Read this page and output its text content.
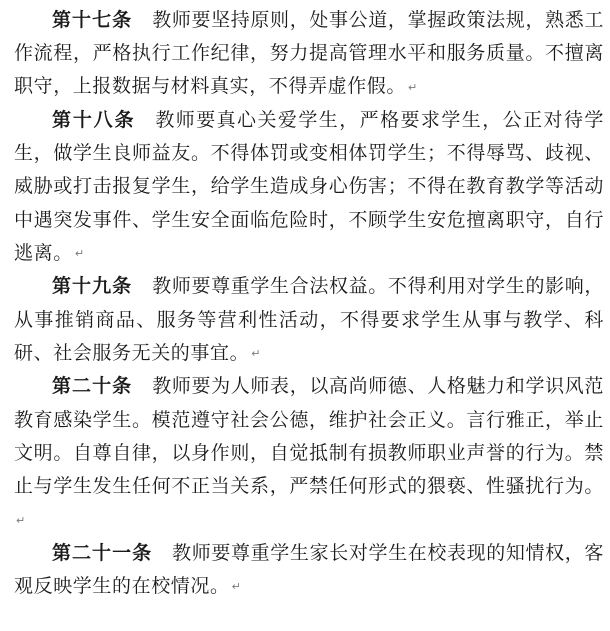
第十七条 教师要坚持原则，处事公道，掌握政策法规，熟悉工作流程，严格执行工作纪律，努力提高管理水平和服务质量。不擅离职守，上报数据与材料真实，不得弄虚作假。 ↵

第十八条 教师要真心关爱学生，严格要求学生，公正对待学生，做学生良师益友。不得体罚或变相体罚学生；不得辱骂、歧视、威胁或打击报复学生，给学生造成身心伤害；不得在教育教学等活动中遇突发事件、学生安全面临危险时，不顾学生安危擅离职守，自行逃离。 ↵

第十九条 教师要尊重学生合法权益。不得利用对学生的影响，从事推销商品、服务等营利性活动，不得要求学生从事与教学、科研、社会服务无关的事宜。 ↵

第二十条 教师要为人师表，以高尚师德、人格魅力和学识风范教育感染学生。模范遵守社会公德，维护社会正义。言行雅正，举止文明。自尊自律，以身作则，自觉抵制有损教师职业声誉的行为。禁止与学生发生任何不正当关系，严禁任何形式的猥亵、性骚扰行为。↵

第二十一条 教师要尊重学生家长对学生在校表现的知情权，客观反映学生的在校情况。 ↵
